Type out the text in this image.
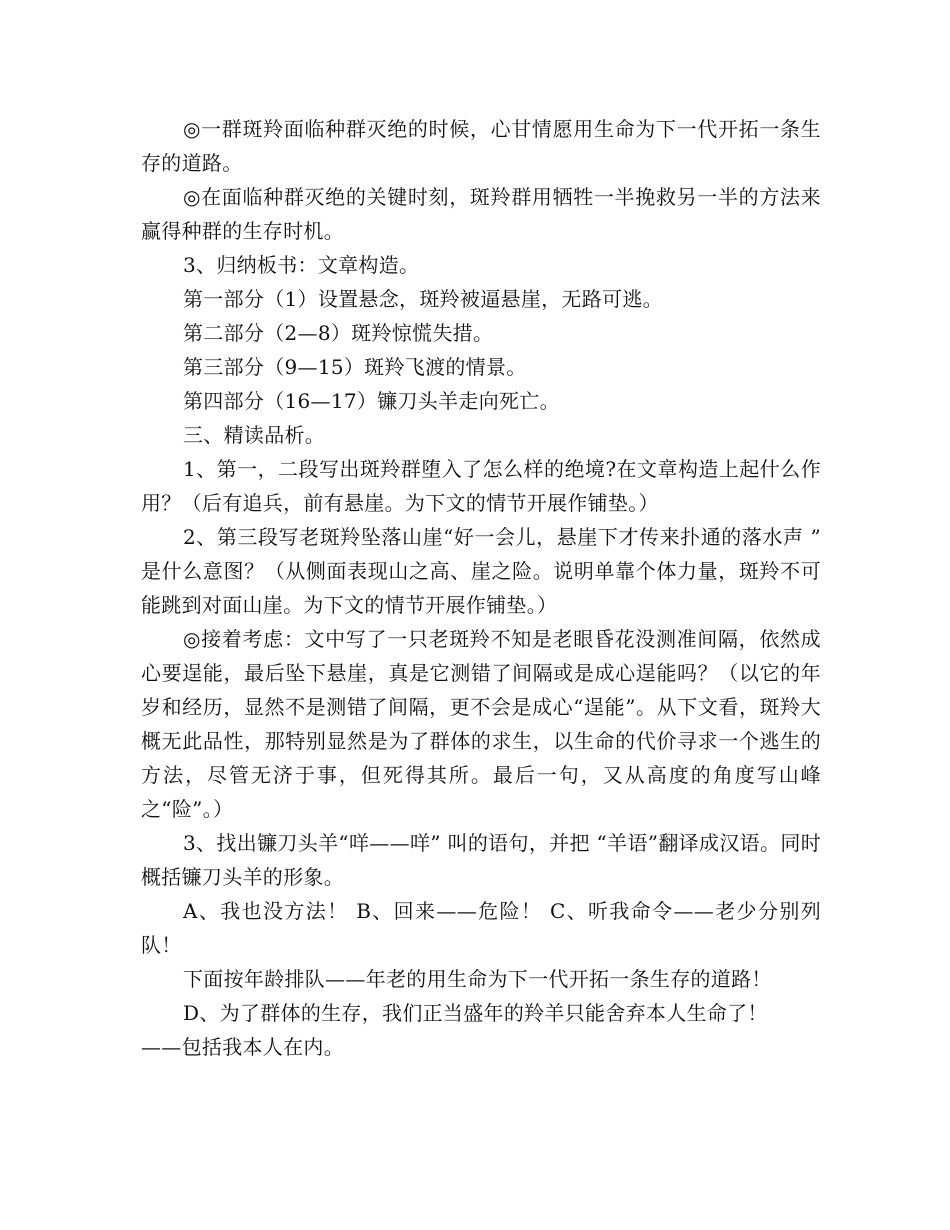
◎一群斑羚面临种群灭绝的时候，心甘情愿用生命为下一代开拓一条生存的道路。

◎在面临种群灭绝的关键时刻，斑羚群用牺牲一半挽救另一半的方法来赢得种群的生存时机。

3、归纳板书：文章构造。

第一部分（1）设置悬念，斑羚被逼悬崖，无路可逃。

第二部分（2—8）斑羚惊慌失措。

第三部分（9—15）斑羚飞渡的情景。

第四部分（16—17）镰刀头羊走向死亡。

三、精读品析。

1、第一，二段写出斑羚群堕入了怎么样的绝境?在文章构造上起什么作用？（后有追兵，前有悬崖。为下文的情节开展作铺垫。）

2、第三段写老斑羚坠落山崖“好一会儿，悬崖下才传来扑通的落水声 ” 是什么意图？（从侧面表现山之高、崖之险。说明单靠个体力量，斑羚不可能跳到对面山崖。为下文的情节开展作铺垫。）

◎接着考虑：文中写了一只老斑羚不知是老眼昏花没测准间隔，依然成心要逞能，最后坠下悬崖，真是它测错了间隔或是成心逞能吗？（以它的年岁和经历，显然不是测错了间隔，更不会是成心“逞能”。从下文看，斑羚大概无此品性，那特别显然是为了群体的求生，以生命的代价寻求一个逃生的方法，尽管无济于事，但死得其所。最后一句，又从高度的角度写山峰之“险”。）

3、找出镰刀头羊“咩——咩” 叫的语句，并把 “羊语”翻译成汉语。同时概括镰刀头羊的形象。

A、我也没方法！ B、回来——危险！ C、听我命令——老少分别列队！

下面按年龄排队——年老的用生命为下一代开拓一条生存的道路！

D、为了群体的生存，我们正当盛年的羚羊只能舍弃本人生命了！

——包括我本人在内。
